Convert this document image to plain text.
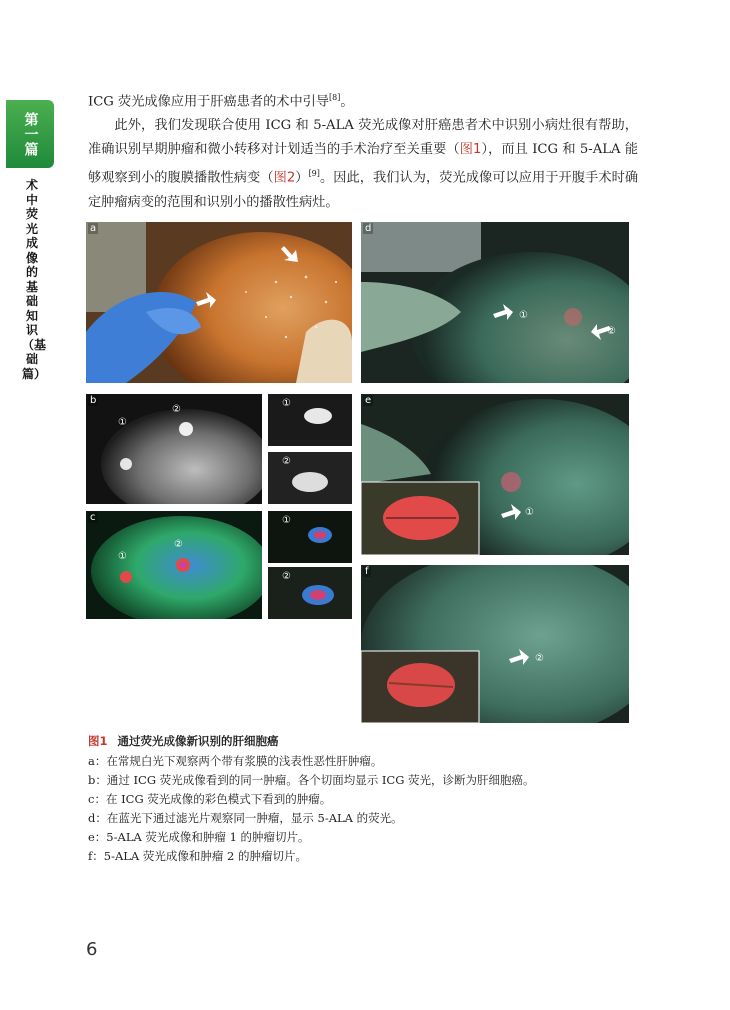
第一篇
术中荧光成像的基础知识（基础篇）

ICG 荧光成像应用于肝癌患者的术中引导[8]。

此外，我们发现联合使用 ICG 和 5-ALA 荧光成像对肝癌患者术中识别小病灶很有帮助，准确识别早期肿瘤和微小转移对计划适当的手术治疗至关重要（图1），而且 ICG 和 5-ALA 能够观察到小的腹膜播散性病变（图2）[9]。因此，我们认为，荧光成像可以应用于开腹手术时确定肿瘤病变的范围和识别小的播散性病灶。

a	d
①
②
b
①
②
①
②
c
①
②
①
②
e
①
f
②
图1 通过荧光成像新识别的肝细胞癌
a：在常规白光下观察两个带有浆膜的浅表性恶性肝肿瘤。
b：通过 ICG 荧光成像看到的同一肿瘤。各个切面均显示 ICG 荧光，诊断为肝细胞癌。
c：在 ICG 荧光成像的彩色模式下看到的肿瘤。
d：在蓝光下通过滤光片观察同一肿瘤，显示 5-ALA 的荧光。
e：5-ALA 荧光成像和肿瘤 1 的肿瘤切片。
f：5-ALA 荧光成像和肿瘤 2 的肿瘤切片。
6
